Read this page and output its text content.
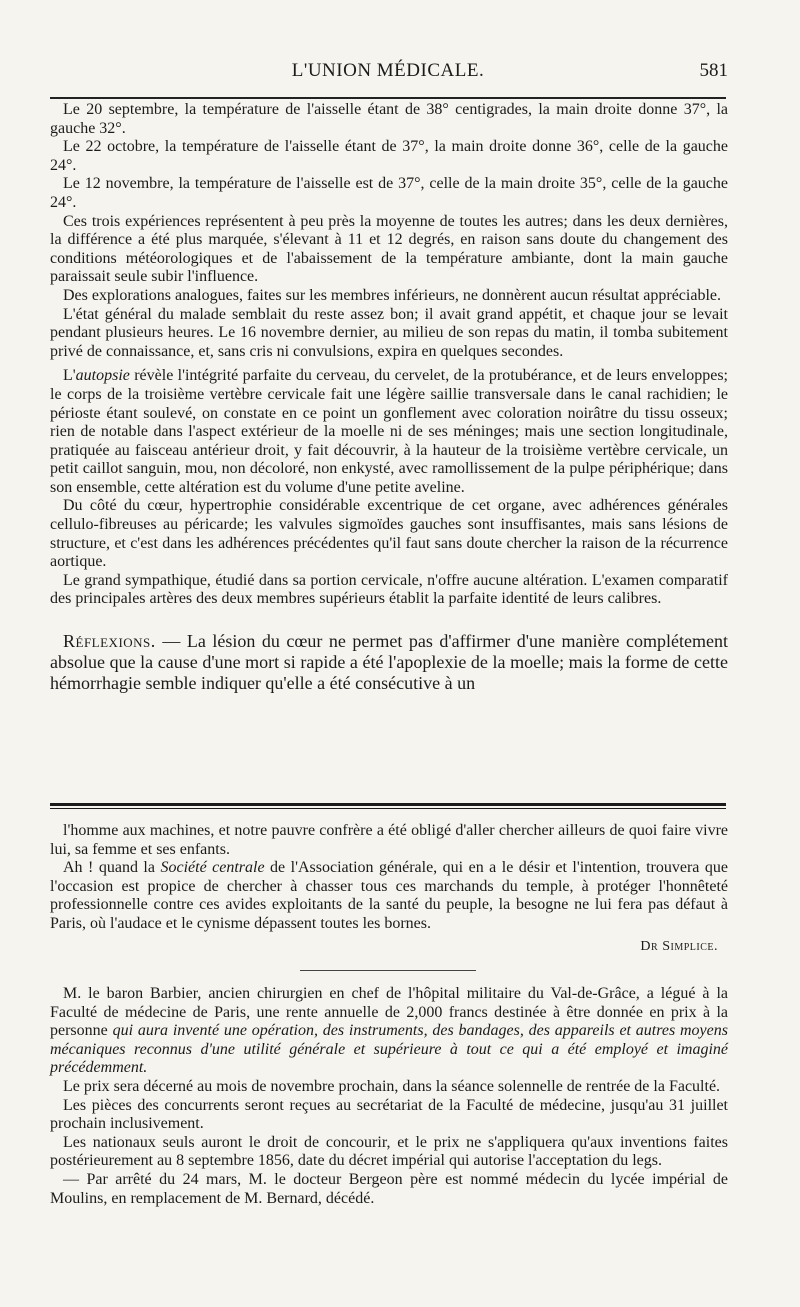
L'UNION MÉDICALE.	581

Le 20 septembre, la température de l'aisselle étant de 38° centigrades, la main droite donne 37°, la gauche 32°.

Le 22 octobre, la température de l'aisselle étant de 37°, la main droite donne 36°, celle de la gauche 24°.

Le 12 novembre, la température de l'aisselle est de 37°, celle de la main droite 35°, celle de la gauche 24°.

Ces trois expériences représentent à peu près la moyenne de toutes les autres; dans les deux dernières, la différence a été plus marquée, s'élevant à 11 et 12 degrés, en raison sans doute du changement des conditions météorologiques et de l'abaissement de la température ambiante, dont la main gauche paraissait seule subir l'influence.

Des explorations analogues, faites sur les membres inférieurs, ne donnèrent aucun résultat appréciable.

L'état général du malade semblait du reste assez bon; il avait grand appétit, et chaque jour se levait pendant plusieurs heures. Le 16 novembre dernier, au milieu de son repas du matin, il tomba subitement privé de connaissance, et, sans cris ni convulsions, expira en quelques secondes.

L'autopsie révèle l'intégrité parfaite du cerveau, du cervelet, de la protubérance, et de leurs enveloppes; le corps de la troisième vertèbre cervicale fait une légère saillie transversale dans le canal rachidien; le périoste étant soulevé, on constate en ce point un gonflement avec coloration noirâtre du tissu osseux; rien de notable dans l'aspect extérieur de la moelle ni de ses méninges; mais une section longitudinale, pratiquée au faisceau antérieur droit, y fait découvrir, à la hauteur de la troisième vertèbre cervicale, un petit caillot sanguin, mou, non décoloré, non enkysté, avec ramollissement de la pulpe périphérique; dans son ensemble, cette altération est du volume d'une petite aveline.

Du côté du cœur, hypertrophie considérable excentrique de cet organe, avec adhérences générales cellulo-fibreuses au péricarde; les valvules sigmoïdes gauches sont insuffisantes, mais sans lésions de structure, et c'est dans les adhérences précédentes qu'il faut sans doute chercher la raison de la récurrence aortique.

Le grand sympathique, étudié dans sa portion cervicale, n'offre aucune altération. L'examen comparatif des principales artères des deux membres supérieurs établit la parfaite identité de leurs calibres.

Réflexions. — La lésion du cœur ne permet pas d'affirmer d'une manière complétement absolue que la cause d'une mort si rapide a été l'apoplexie de la moelle; mais la forme de cette hémorrhagie semble indiquer qu'elle a été consécutive à un

l'homme aux machines, et notre pauvre confrère a été obligé d'aller chercher ailleurs de quoi faire vivre lui, sa femme et ses enfants.

Ah ! quand la Société centrale de l'Association générale, qui en a le désir et l'intention, trouvera que l'occasion est propice de chercher à chasser tous ces marchands du temple, à protéger l'honnêteté professionnelle contre ces avides exploitants de la santé du peuple, la besogne ne lui fera pas défaut à Paris, où l'audace et le cynisme dépassent toutes les bornes.

Dr Simplice.

M. le baron Barbier, ancien chirurgien en chef de l'hôpital militaire du Val-de-Grâce, a légué à la Faculté de médecine de Paris, une rente annuelle de 2,000 francs destinée à être donnée en prix à la personne qui aura inventé une opération, des instruments, des bandages, des appareils et autres moyens mécaniques reconnus d'une utilité générale et supérieure à tout ce qui a été employé et imaginé précédemment.

Le prix sera décerné au mois de novembre prochain, dans la séance solennelle de rentrée de la Faculté.

Les pièces des concurrents seront reçues au secrétariat de la Faculté de médecine, jusqu'au 31 juillet prochain inclusivement.

Les nationaux seuls auront le droit de concourir, et le prix ne s'appliquera qu'aux inventions faites postérieurement au 8 septembre 1856, date du décret impérial qui autorise l'acceptation du legs.

— Par arrêté du 24 mars, M. le docteur Bergeon père est nommé médecin du lycée impérial de Moulins, en remplacement de M. Bernard, décédé.
